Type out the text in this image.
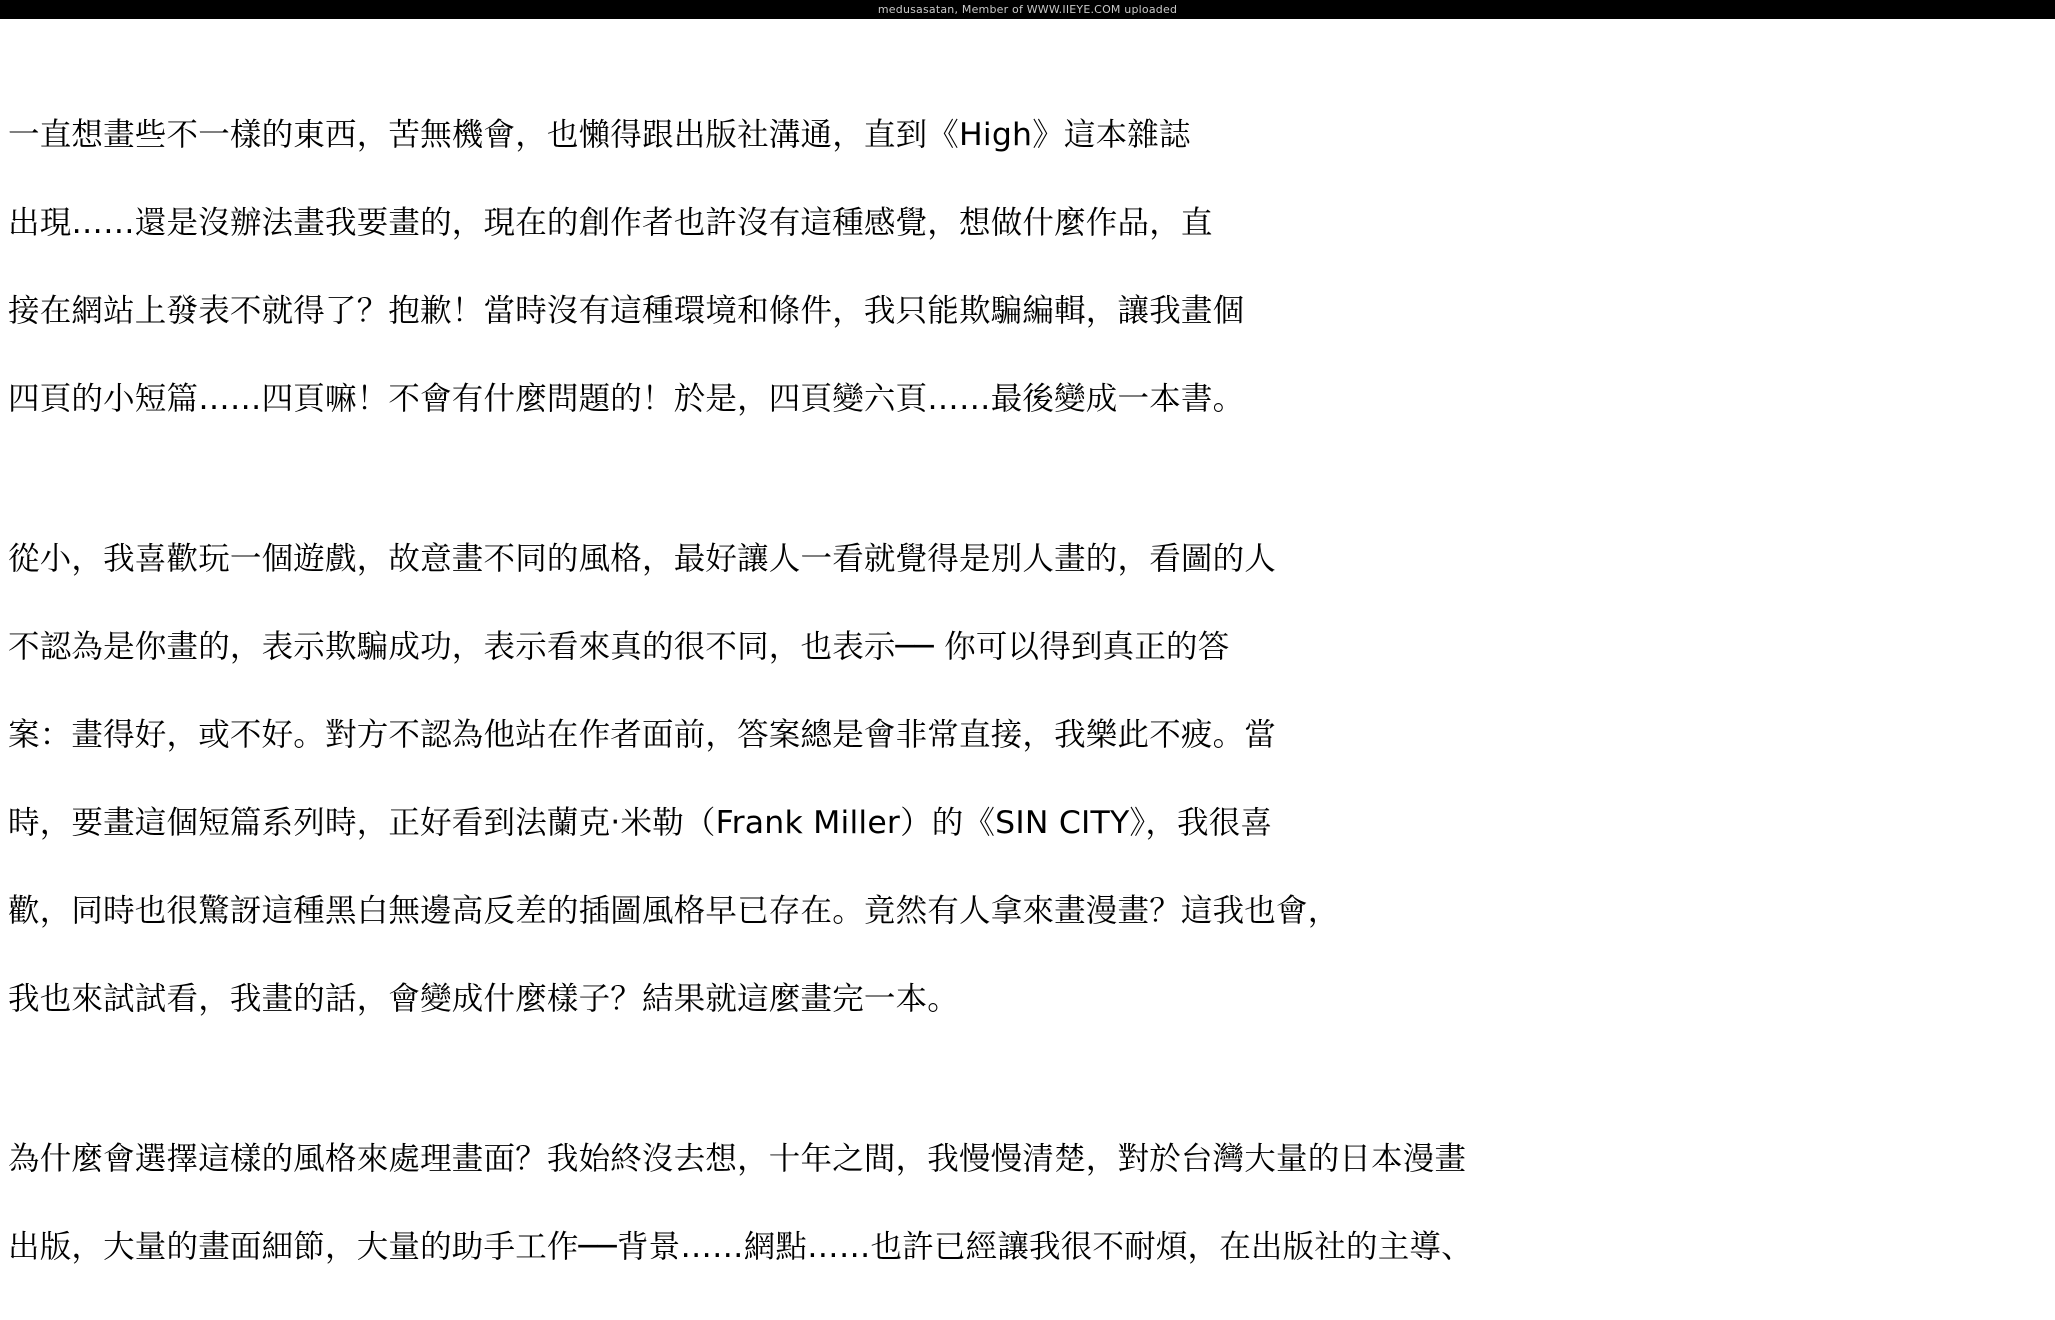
medusasatan, Member of WWW.IIEYE.COM uploaded
一直想畫些不一樣的東西，苦無機會，也懶得跟出版社溝通，直到《High》這本雜誌
出現……還是沒辦法畫我要畫的，現在的創作者也許沒有這種感覺，想做什麼作品，直
接在網站上發表不就得了？抱歉！當時沒有這種環境和條件，我只能欺騙編輯，讓我畫個
四頁的小短篇……四頁嘛！不會有什麼問題的！於是，四頁變六頁……最後變成一本書。
從小，我喜歡玩一個遊戲，故意畫不同的風格，最好讓人一看就覺得是別人畫的，看圖的人
不認為是你畫的，表示欺騙成功，表示看來真的很不同，也表示── 你可以得到真正的答
案：畫得好，或不好。對方不認為他站在作者面前，答案總是會非常直接，我樂此不疲。當
時，要畫這個短篇系列時，正好看到法蘭克‧米勒（Frank Miller）的《SIN CITY》，我很喜
歡，同時也很驚訝這種黑白無邊高反差的插圖風格早已存在。竟然有人拿來畫漫畫？這我也會，
我也來試試看，我畫的話，會變成什麼樣子？結果就這麼畫完一本。
為什麼會選擇這樣的風格來處理畫面？我始終沒去想，十年之間，我慢慢清楚，對於台灣大量的日本漫畫
出版，大量的畫面細節，大量的助手工作──背景……網點……也許已經讓我很不耐煩，在出版社的主導、
